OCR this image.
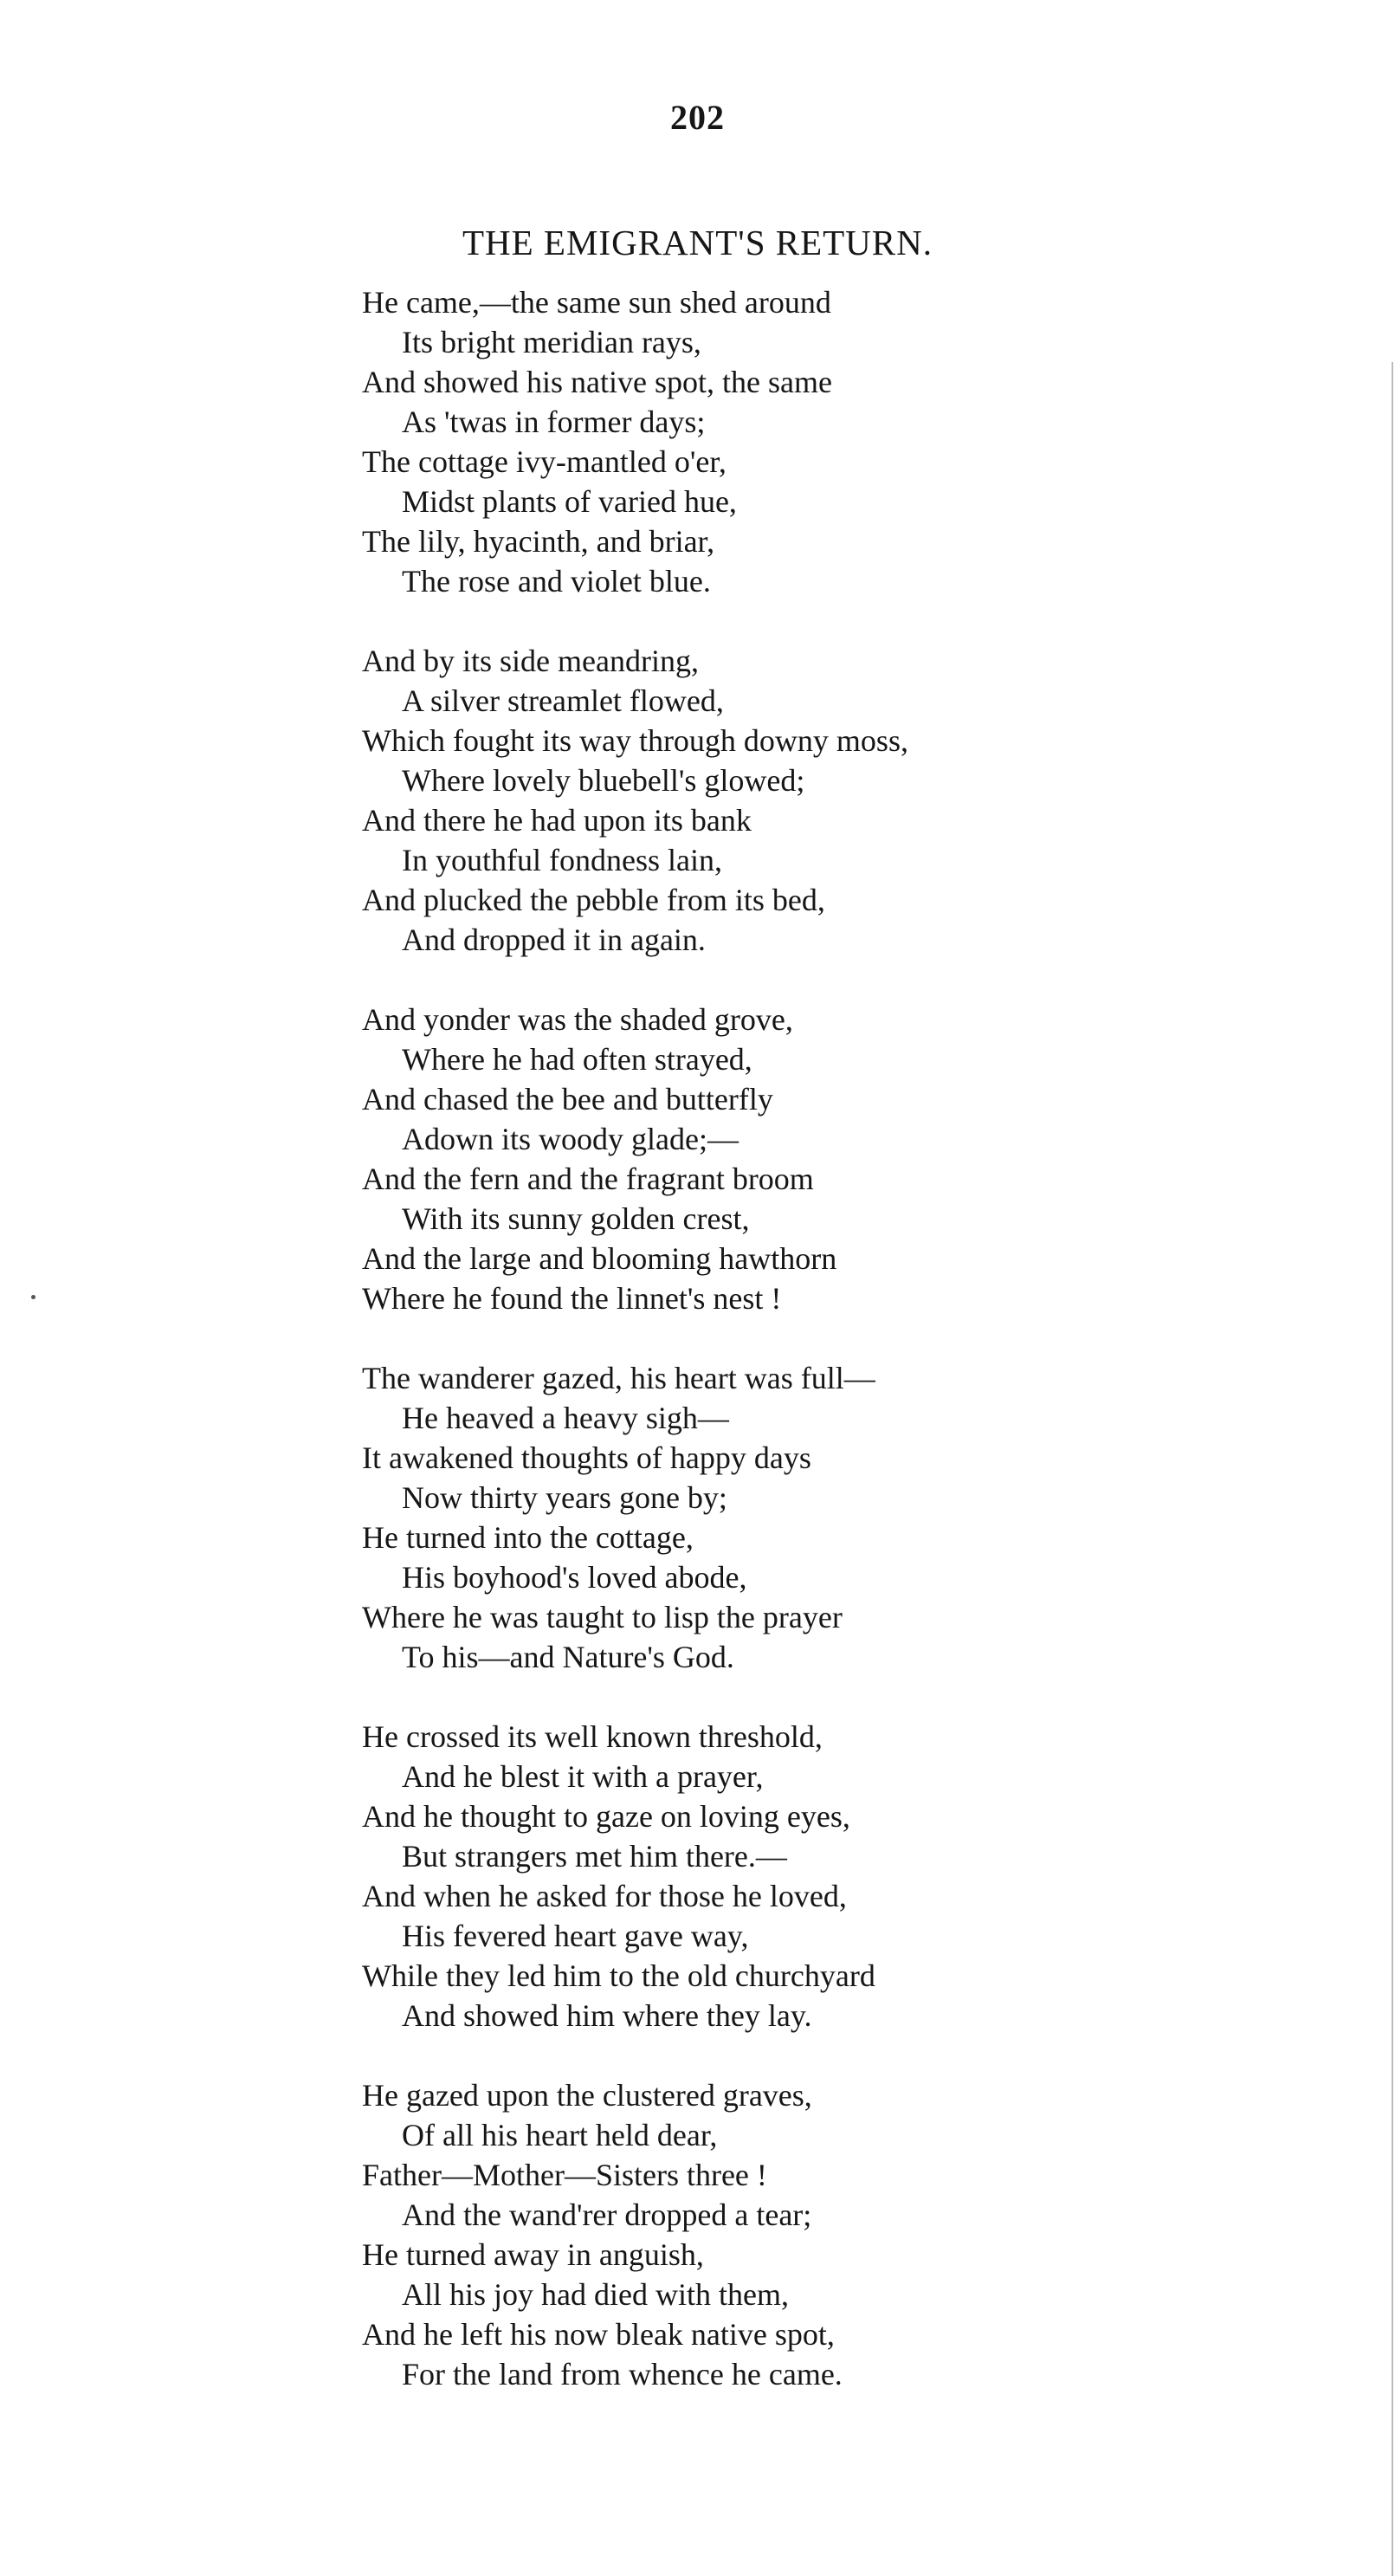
202
THE EMIGRANT'S RETURN.
He came,—the same sun shed around
Its bright meridian rays,
And showed his native spot, the same
As 'twas in former days;
The cottage ivy-mantled o'er,
Midst plants of varied hue,
The lily, hyacinth, and briar,
The rose and violet blue.
And by its side meandring,
A silver streamlet flowed,
Which fought its way through downy moss,
Where lovely bluebell's glowed;
And there he had upon its bank
In youthful fondness lain,
And plucked the pebble from its bed,
And dropped it in again.
And yonder was the shaded grove,
Where he had often strayed,
And chased the bee and butterfly
Adown its woody glade;—
And the fern and the fragrant broom
With its sunny golden crest,
And the large and blooming hawthorn
Where he found the linnet's nest !
The wanderer gazed, his heart was full—
He heaved a heavy sigh—
It awakened thoughts of happy days
Now thirty years gone by;
He turned into the cottage,
His boyhood's loved abode,
Where he was taught to lisp the prayer
To his—and Nature's God.
He crossed its well known threshold,
And he blest it with a prayer,
And he thought to gaze on loving eyes,
But strangers met him there.—
And when he asked for those he loved,
His fevered heart gave way,
While they led him to the old churchyard
And showed him where they lay.
He gazed upon the clustered graves,
Of all his heart held dear,
Father—Mother—Sisters three !
And the wand'rer dropped a tear;
He turned away in anguish,
All his joy had died with them,
And he left his now bleak native spot,
For the land from whence he came.
